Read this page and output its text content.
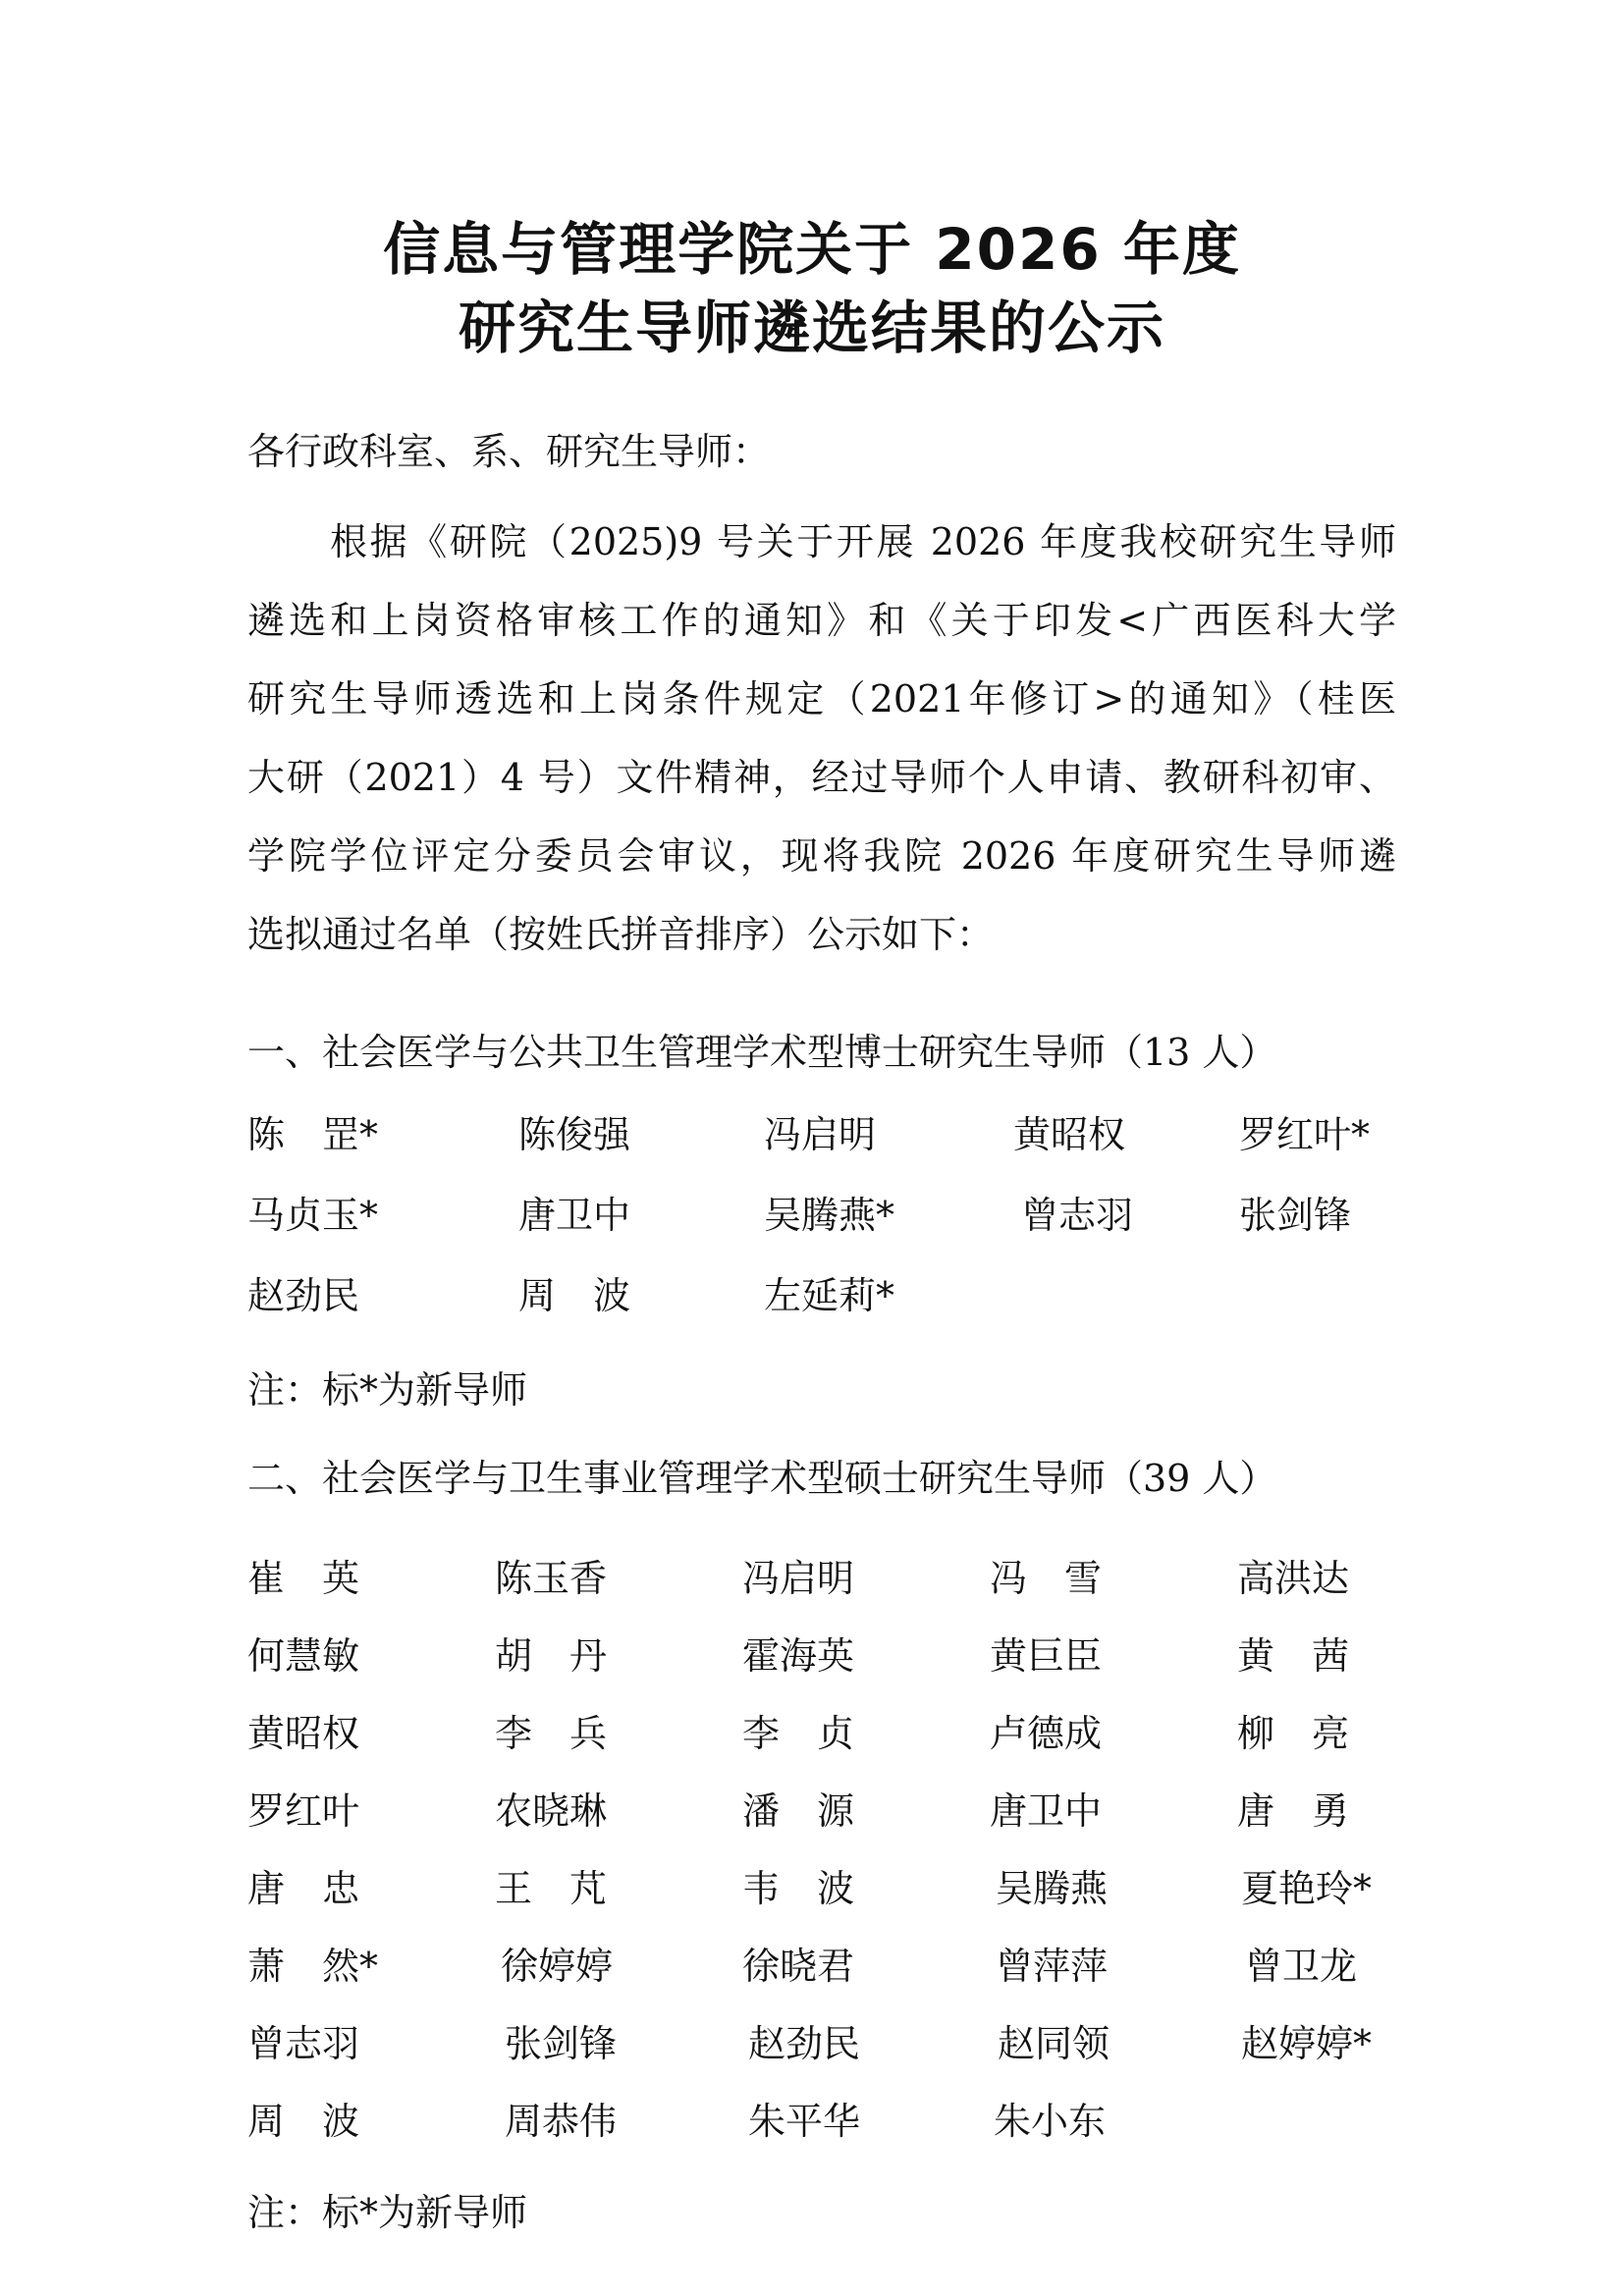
信息与管理学院关于 2026 年度
研究生导师遴选结果的公示
各行政科室、系、研究生导师：
根据《研院（2025)9 号关于开展 2026 年度我校研究生导师
遴选和上岗资格审核工作的通知》和《关于印发<广西医科大学
研究生导师透选和上岗条件规定（2021年修订>的通知》（桂医
大研（2021）4 号）文件精神，经过导师个人申请、教研科初审、
学院学位评定分委员会审议，现将我院 2026 年度研究生导师遴
选拟通过名单（按姓氏拼音排序）公示如下：
一、社会医学与公共卫生管理学术型博士研究生导师（13 人）
陈　罡*	陈俊强	冯启明	黄昭权	罗红叶*
马贞玉*	唐卫中	吴腾燕*	曾志羽	张剑锋
赵劲民	周　波	左延莉*
注：标*为新导师
二、社会医学与卫生事业管理学术型硕士研究生导师（39 人）
崔　英	陈玉香	冯启明	冯　雪	高洪达
何慧敏	胡　丹	霍海英	黄巨臣	黄　茜
黄昭权	李　兵	李　贞	卢德成	柳　亮
罗红叶	农晓琳	潘　源	唐卫中	唐　勇
唐　忠	王　芃	韦　波	吴腾燕	夏艳玲*
萧　然*	徐婷婷	徐晓君	曾萍萍	曾卫龙
曾志羽	张剑锋	赵劲民	赵同领	赵婷婷*
周　波	周恭伟	朱平华	朱小东
注：标*为新导师
